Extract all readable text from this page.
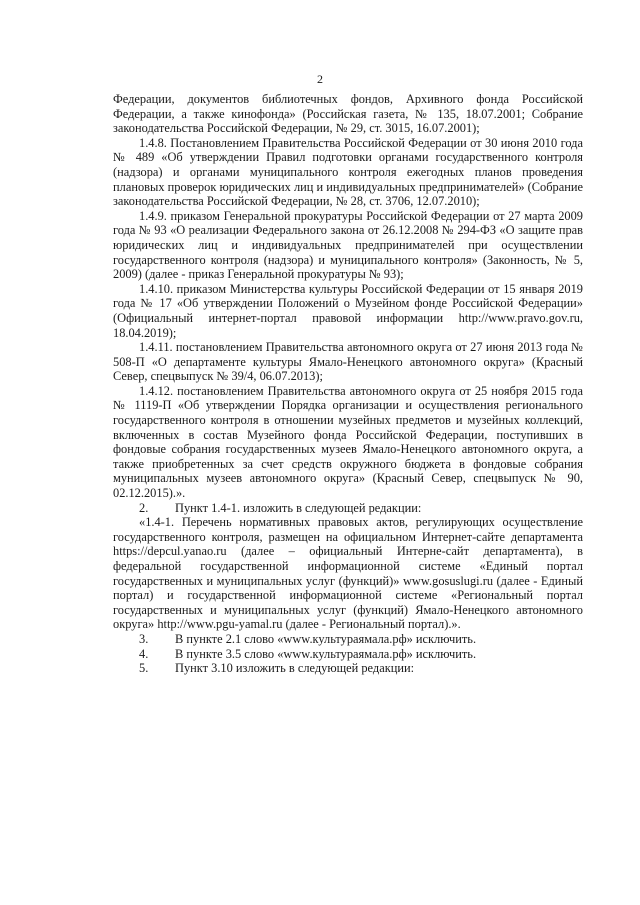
2

Федерации, документов библиотечных фондов, Архивного фонда Российской Федерации, а также кинофонда» (Российская газета, № 135, 18.07.2001; Собрание законодательства Российской Федерации, № 29, ст. 3015, 16.07.2001);

1.4.8. Постановлением Правительства Российской Федерации от 30 июня 2010 года № 489 «Об утверждении Правил подготовки органами государственного контроля (надзора) и органами муниципального контроля ежегодных планов проведения плановых проверок юридических лиц и индивидуальных предпринимателей» (Собрание законодательства Российской Федерации, № 28, ст. 3706, 12.07.2010);

1.4.9. приказом Генеральной прокуратуры Российской Федерации от 27 марта 2009 года № 93 «О реализации Федерального закона от 26.12.2008 № 294-ФЗ «О защите прав юридических лиц и индивидуальных предпринимателей при осуществлении государственного контроля (надзора) и муниципального контроля» (Законность, № 5, 2009) (далее - приказ Генеральной прокуратуры № 93);

1.4.10. приказом Министерства культуры Российской Федерации от 15 января 2019 года № 17 «Об утверждении Положений о Музейном фонде Российской Федерации» (Официальный интернет-портал правовой информации http://www.pravo.gov.ru, 18.04.2019);

1.4.11. постановлением Правительства автономного округа от 27 июня 2013 года № 508-П «О департаменте культуры Ямало-Ненецкого автономного округа» (Красный Север, спецвыпуск № 39/4, 06.07.2013);

1.4.12. постановлением Правительства автономного округа от 25 ноября 2015 года № 1119-П «Об утверждении Порядка организации и осуществления регионального государственного контроля в отношении музейных предметов и музейных коллекций, включенных в состав Музейного фонда Российской Федерации, поступивших в фондовые собрания государственных музеев Ямало-Ненецкого автономного округа, а также приобретенных за счет средств окружного бюджета в фондовые собрания муниципальных музеев автономного округа» (Красный Север, спецвыпуск № 90, 02.12.2015).».

2.	Пункт 1.4-1. изложить в следующей редакции:

«1.4-1. Перечень нормативных правовых актов, регулирующих осуществление государственного контроля, размещен на официальном Интернет-сайте департамента https://depcul.yanao.ru (далее – официальный Интерне-сайт департамента), в федеральной государственной информационной системе «Единый портал государственных и муниципальных услуг (функций)» www.gosuslugi.ru (далее - Единый портал) и государственной информационной системе «Региональный портал государственных и муниципальных услуг (функций) Ямало-Ненецкого автономного округа» http://www.pgu-yamal.ru (далее - Региональный портал).».

3.	В пункте 2.1 слово «www.культураямала.рф» исключить.

4.	В пункте 3.5 слово «www.культураямала.рф» исключить.

5.	Пункт 3.10 изложить в следующей редакции:
